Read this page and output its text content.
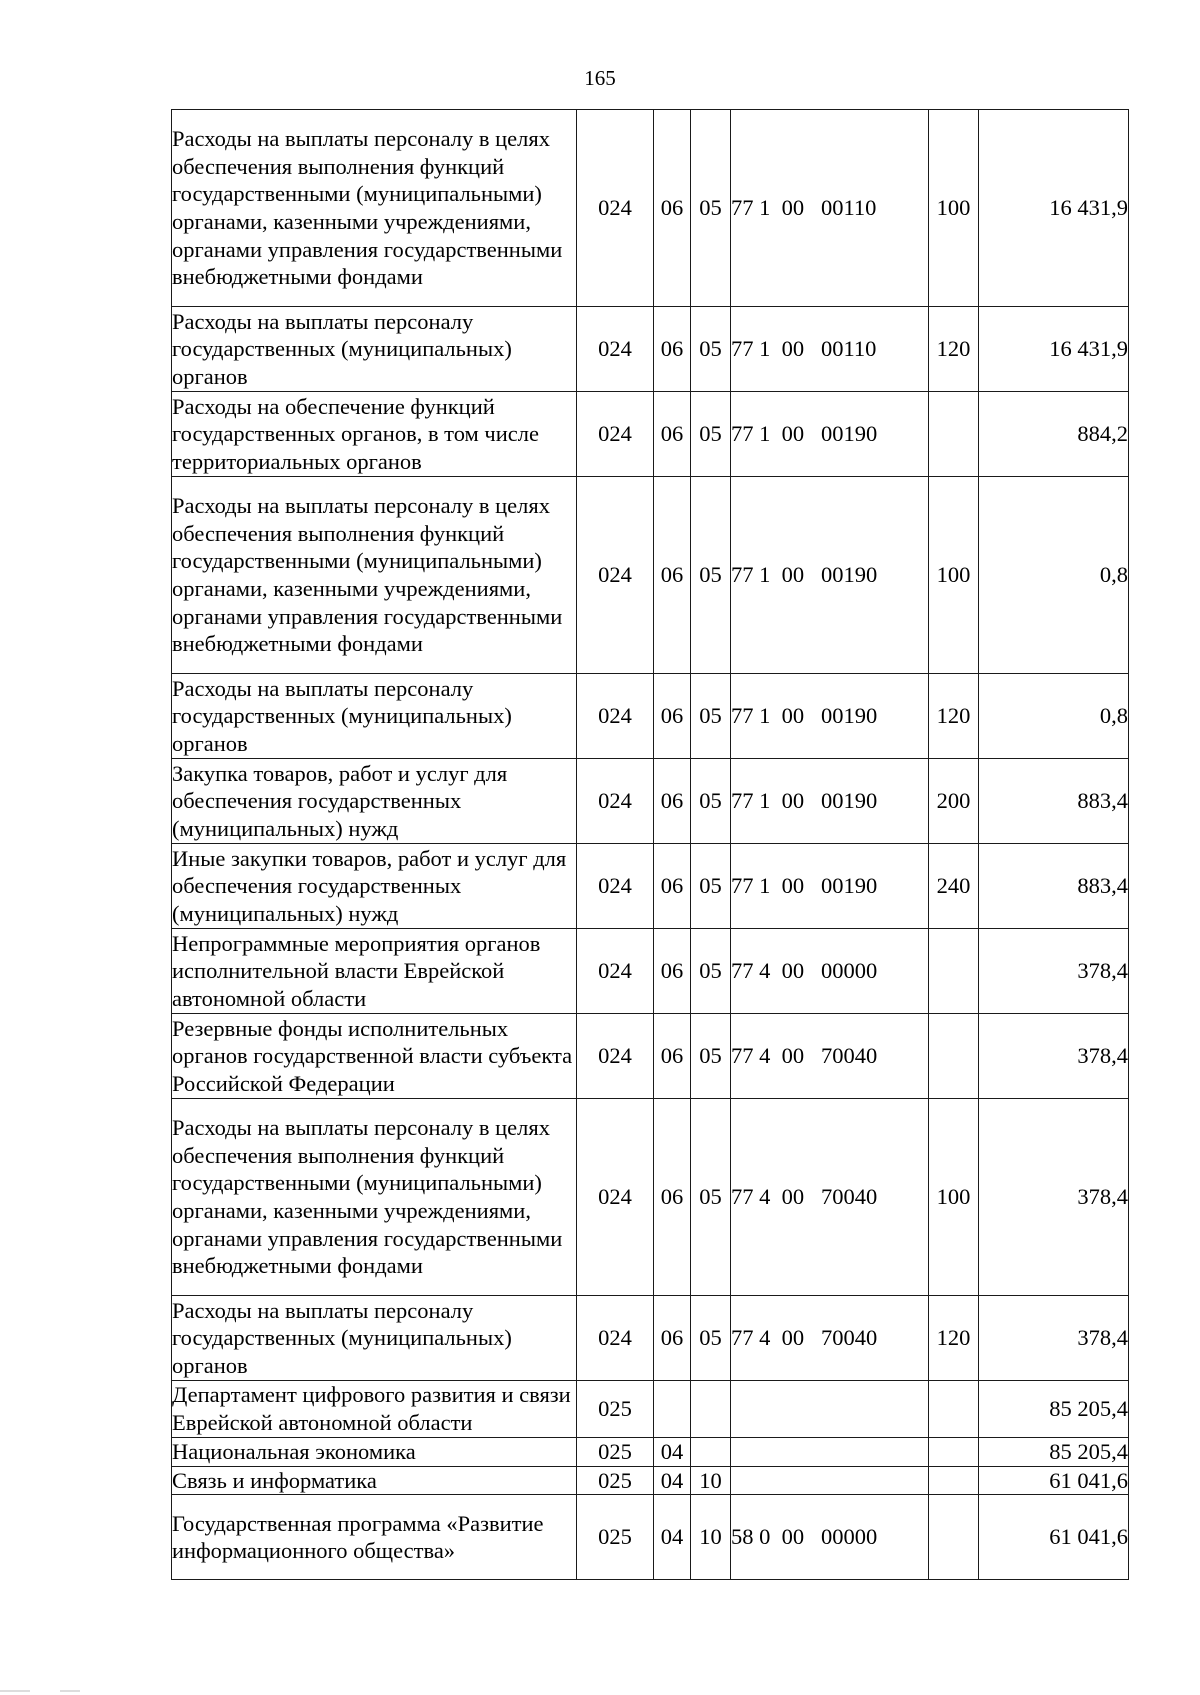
165
Расходы на выплаты персоналу в целях обеспечения выполнения функций государственными (муниципальными) органами, казенными учреждениями, органами управления государственными внебюджетными фондами	024	06	05	77 1  00   00110	100	16 431,9
Расходы на выплаты персоналу государственных (муниципальных) органов	024	06	05	77 1  00   00110	120	16 431,9
Расходы на обеспечение функций государственных органов, в том числе территориальных органов	024	06	05	77 1  00   00190		884,2
Расходы на выплаты персоналу в целях обеспечения выполнения функций государственными (муниципальными) органами, казенными учреждениями, органами управления государственными внебюджетными фондами	024	06	05	77 1  00   00190	100	0,8
Расходы на выплаты персоналу государственных (муниципальных) органов	024	06	05	77 1  00   00190	120	0,8
Закупка товаров, работ и услуг для обеспечения государственных (муниципальных) нужд	024	06	05	77 1  00   00190	200	883,4
Иные закупки товаров, работ и услуг для обеспечения государственных (муниципальных) нужд	024	06	05	77 1  00   00190	240	883,4
Непрограммные мероприятия органов исполнительной власти Еврейской автономной области	024	06	05	77 4  00   00000		378,4
Резервные фонды исполнительных органов государственной власти субъекта Российской Федерации	024	06	05	77 4  00   70040		378,4
Расходы на выплаты персоналу в целях обеспечения выполнения функций государственными (муниципальными) органами, казенными учреждениями, органами управления государственными внебюджетными фондами	024	06	05	77 4  00   70040	100	378,4
Расходы на выплаты персоналу государственных (муниципальных) органов	024	06	05	77 4  00   70040	120	378,4
Департамент цифрового развития и связи Еврейской автономной области	025					85 205,4
Национальная экономика	025	04				85 205,4
Связь и информатика	025	04	10			61 041,6
Государственная программа «Развитие информационного общества»	025	04	10	58 0  00   00000		61 041,6
